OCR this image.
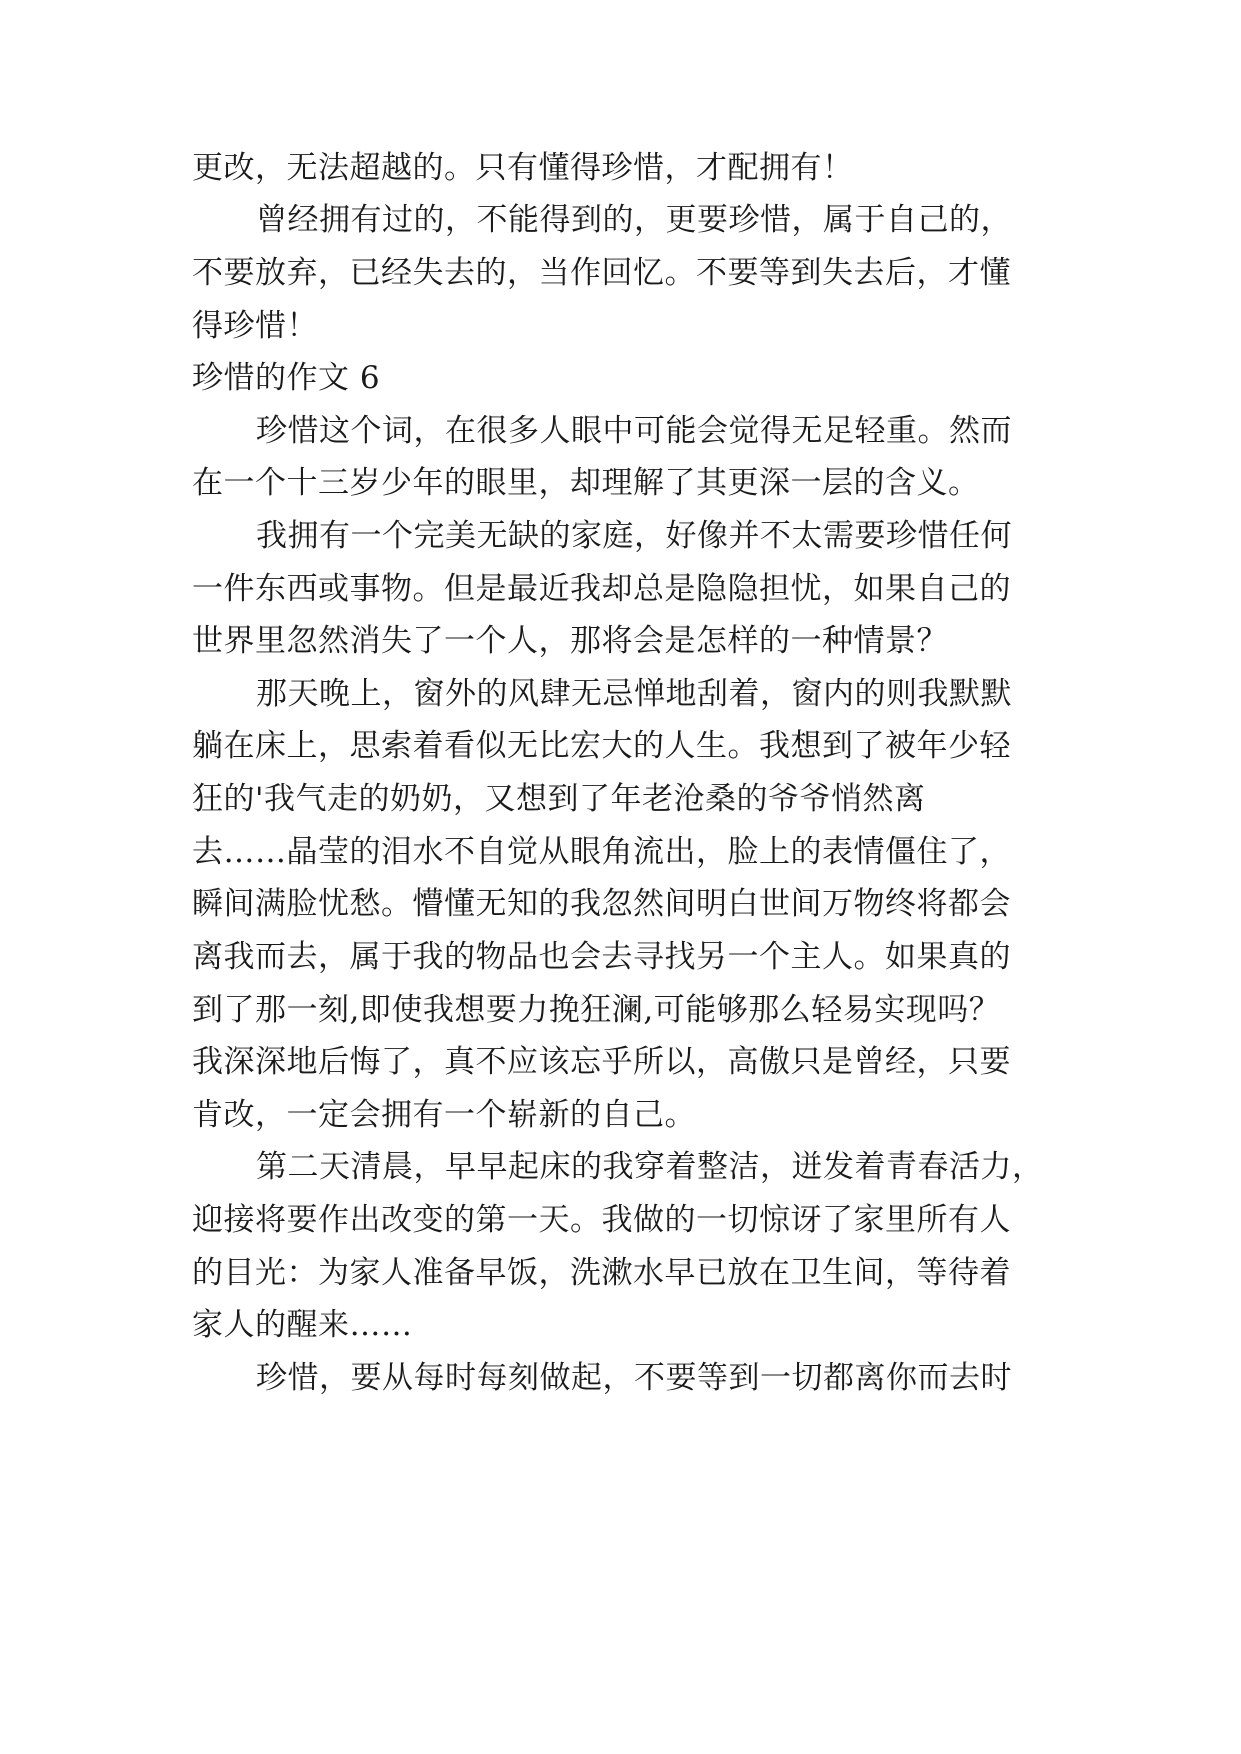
更改，无法超越的。只有懂得珍惜，才配拥有！
曾经拥有过的，不能得到的，更要珍惜，属于自己的，
不要放弃，已经失去的，当作回忆。不要等到失去后，才懂
得珍惜！
珍惜的作文 6
珍惜这个词，在很多人眼中可能会觉得无足轻重。然而
在一个十三岁少年的眼里，却理解了其更深一层的含义。
我拥有一个完美无缺的家庭，好像并不太需要珍惜任何
一件东西或事物。但是最近我却总是隐隐担忧，如果自己的
世界里忽然消失了一个人，那将会是怎样的一种情景？
那天晚上，窗外的风肆无忌惮地刮着，窗内的则我默默
躺在床上，思索着看似无比宏大的人生。我想到了被年少轻
狂的'我气走的奶奶，又想到了年老沧桑的爷爷悄然离
去……晶莹的泪水不自觉从眼角流出，脸上的表情僵住了，
瞬间满脸忧愁。懵懂无知的我忽然间明白世间万物终将都会
离我而去，属于我的物品也会去寻找另一个主人。如果真的
到了那一刻,即使我想要力挽狂澜,可能够那么轻易实现吗？
我深深地后悔了，真不应该忘乎所以，高傲只是曾经，只要
肯改，一定会拥有一个崭新的自己。
第二天清晨，早早起床的我穿着整洁，迸发着青春活力，
迎接将要作出改变的第一天。我做的一切惊讶了家里所有人
的目光：为家人准备早饭，洗漱水早已放在卫生间，等待着
家人的醒来……
珍惜，要从每时每刻做起，不要等到一切都离你而去时
